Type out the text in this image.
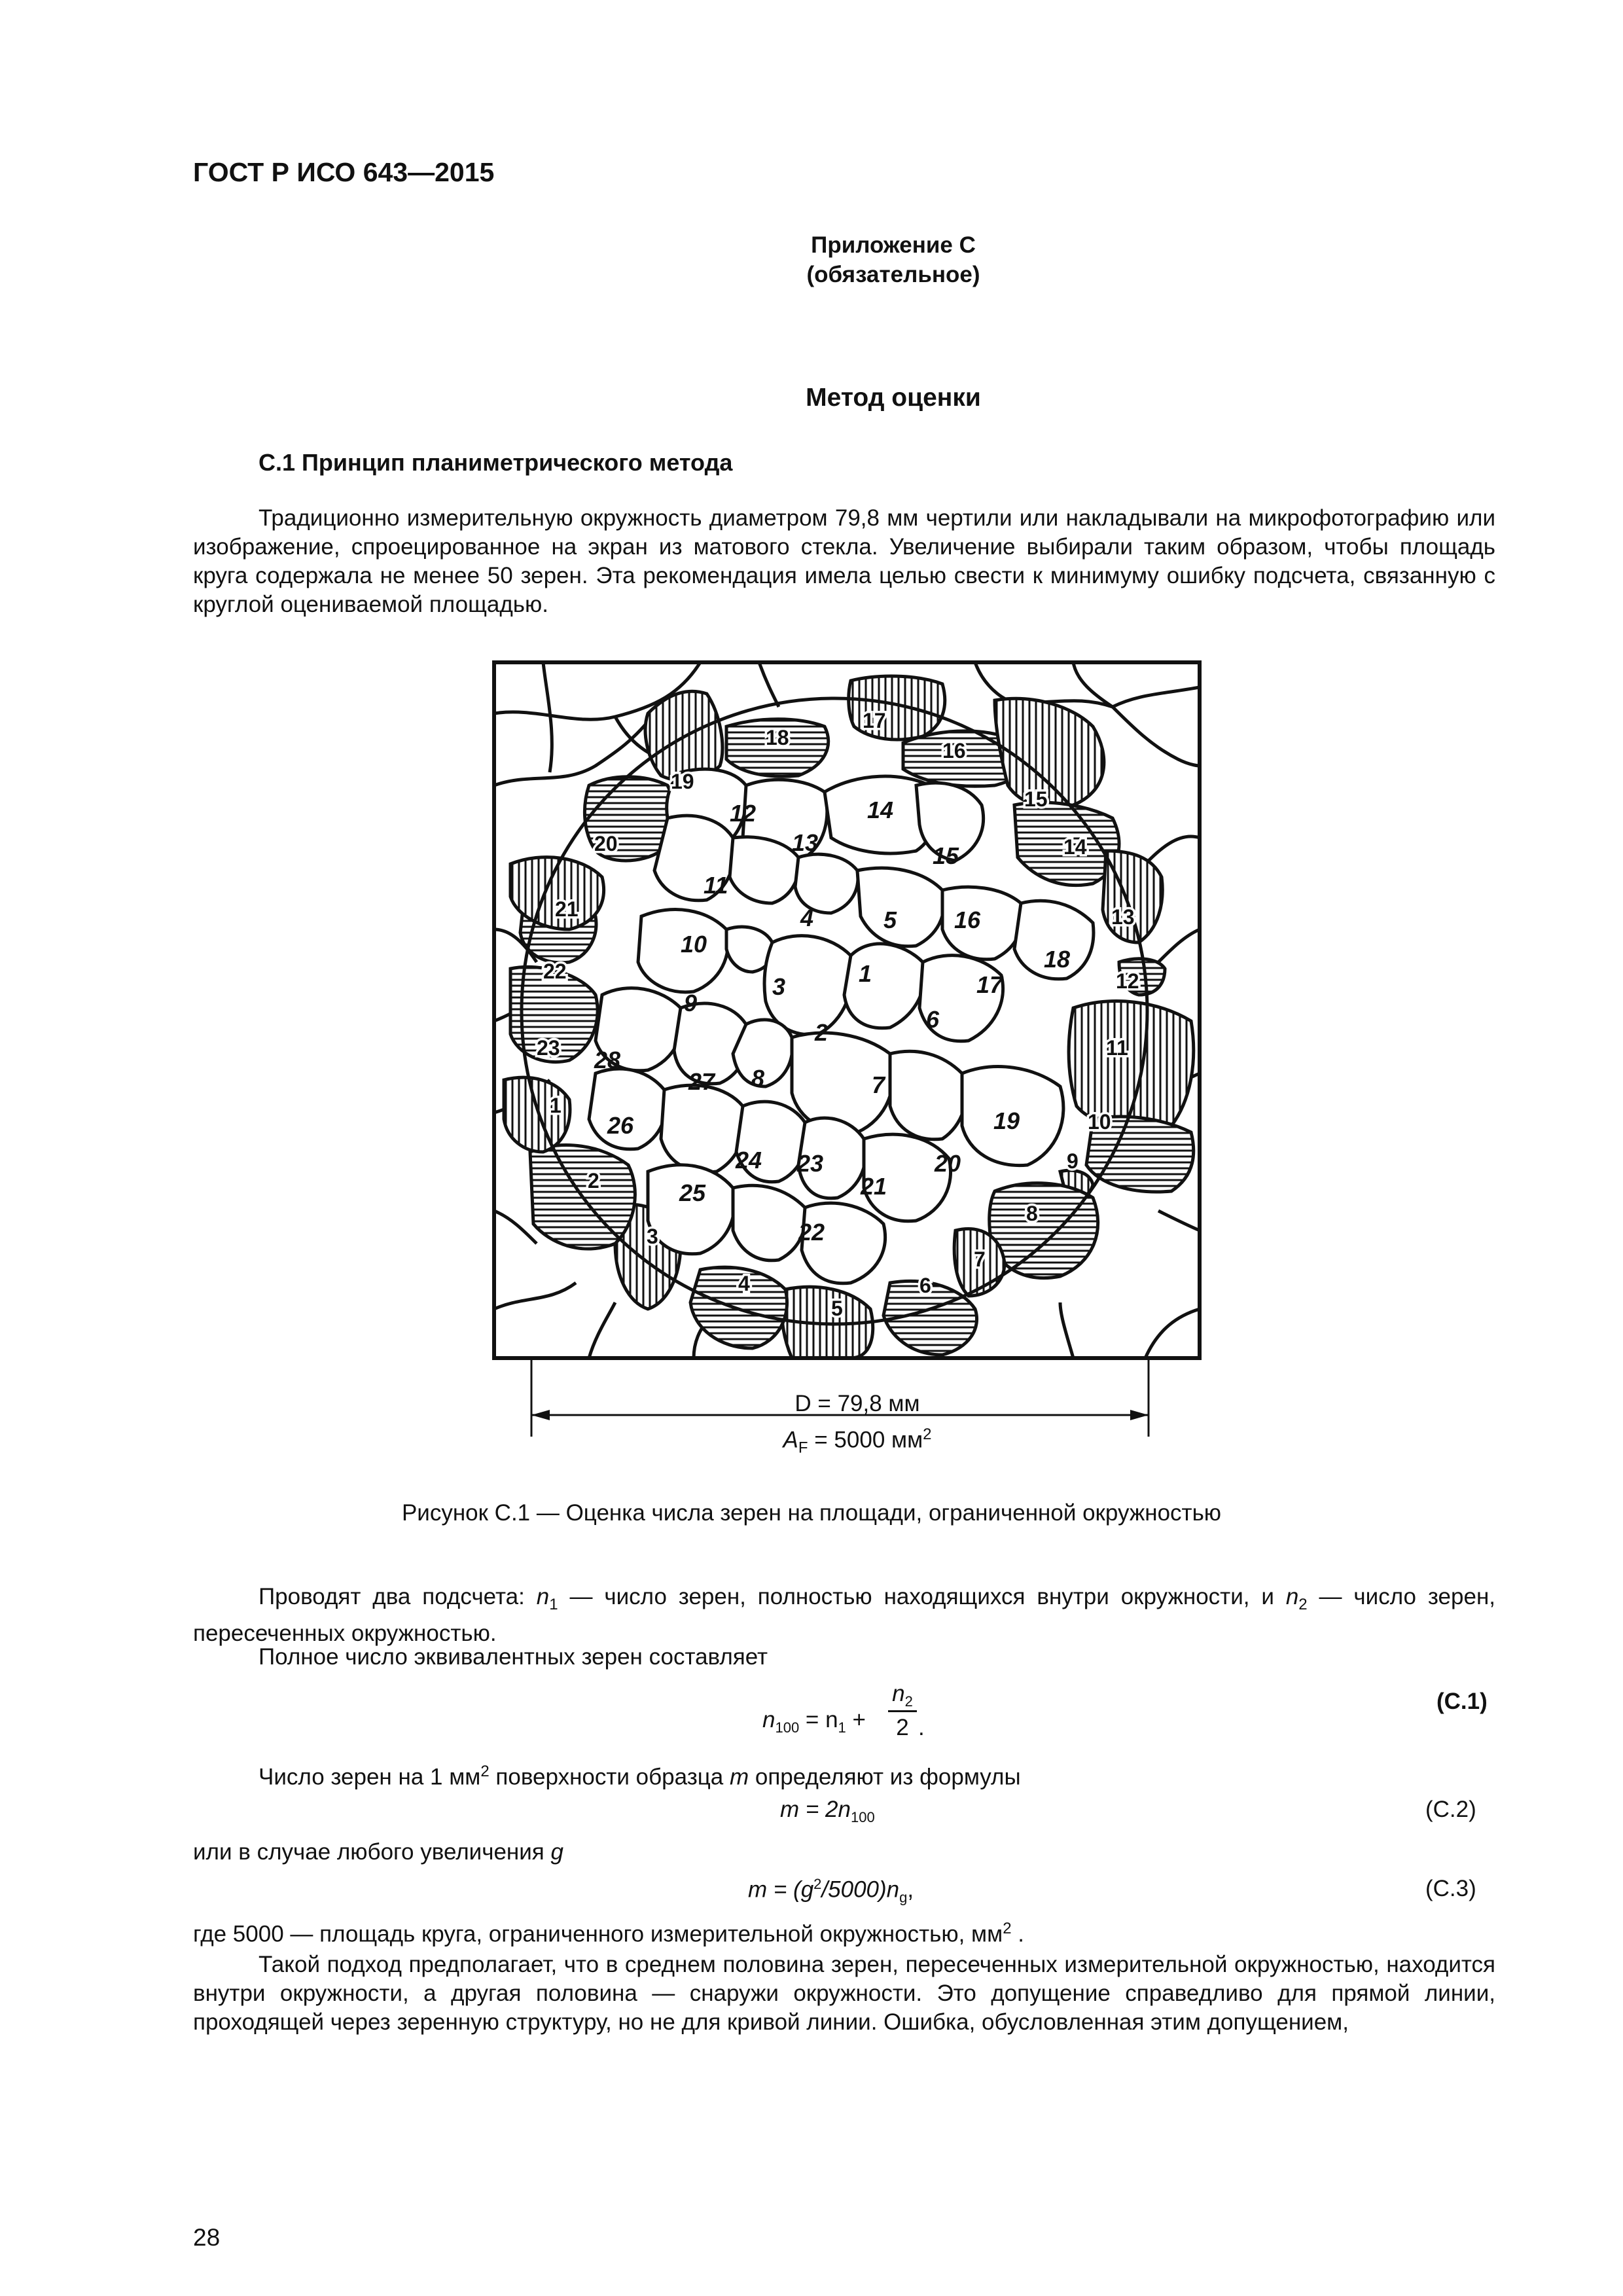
ГОСТ Р ИСО 643—2015
Приложение С
(обязательное)
Метод оценки
С.1 Принцип планиметрического метода

Традиционно измерительную окружность диаметром 79,8 мм чертили или накладывали на микрофотографию или изображение, спроецированное на экран из матового стекла. Увеличение выбирали таким образом, чтобы площадь круга содержала не менее 50 зерен. Эта рекомендация имела целью свести к минимуму ошибку подсчета, связанную с круглой оцениваемой площадью.

1
2
3
4	5
6
7
8
9
10
11
12
13
14
15
16
17
18
19
20
21
22
23
24
25
26
27
28
1
2
3
4
5
6
7
8
9
10
11
12
13
14
15
16
17
18
19
20
21
22
23
D = 79,8 мм
$A_F = 5000$ $мм^2$
Рисунок С.1 — Оценка числа зерен на площади, ограниченной окружностью

Проводят два подсчета: $n_1$ — число зерен, полностью находящихся внутри окружности, и $n_2$ — число зерен, пересеченных окружностью.

Полное число эквивалентных зерен составляет

$n_{100} = n_1$ +
$n_2$
2 .
(С.1)

Число зерен на 1 $мм^2$ поверхности образца m определяют из формулы

$m = 2n_{100}$	(С.2)

или в случае любого увеличения g

$m = (g^2/5000)n_g$,	(С.3)

где 5000 — площадь круга, ограниченного измерительной окружностью, $мм^2$ .

Такой подход предполагает, что в среднем половина зерен, пересеченных измерительной окружностью, находится внутри окружности, а другая половина — снаружи окружности. Это допущение справедливо для прямой линии, проходящей через зеренную структуру, но не для кривой линии. Ошибка, обусловленная этим допущением,

28
